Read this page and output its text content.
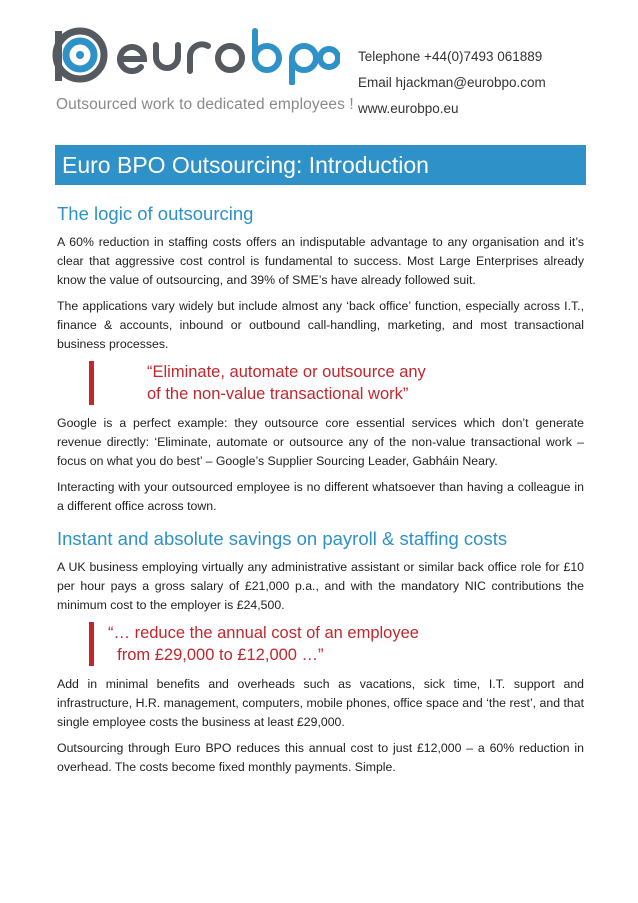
Outsourced work to dedicated employees !
Telephone +44(0)7493 061889
Email hjackman@eurobpo.com
www.eurobpo.eu
Euro BPO Outsourcing: Introduction
The logic of outsourcing

A 60% reduction in staffing costs offers an indisputable advantage to any organisation and it’s clear that aggressive cost control is fundamental to success. Most Large Enterprises already know the value of outsourcing, and 39% of SME’s have already followed suit.

The applications vary widely but include almost any ‘back office’ function, especially across I.T., finance & accounts, inbound or outbound call-handling, marketing, and most transactional business processes.

“Eliminate, automate or outsource any
of the non-value transactional work”

Google is a perfect example: they outsource core essential services which don’t generate revenue directly: ‘Eliminate, automate or outsource any of the non-value transactional work – focus on what you do best’ – Google’s Supplier Sourcing Leader, Gabháin Neary.

Interacting with your outsourced employee is no different whatsoever than having a colleague in a different office across town.

Instant and absolute savings on payroll & staffing costs

A UK business employing virtually any administrative assistant or similar back office role for £10 per hour pays a gross salary of £21,000 p.a., and with the mandatory NIC contributions the minimum cost to the employer is £24,500.

“… reduce the annual cost of an employee
from £29,000 to £12,000 …”

Add in minimal benefits and overheads such as vacations, sick time, I.T. support and infrastructure, H.R. management, computers, mobile phones, office space and ‘the rest’, and that single employee costs the business at least £29,000.

Outsourcing through Euro BPO reduces this annual cost to just £12,000 – a 60% reduction in overhead. The costs become fixed monthly payments. Simple.
